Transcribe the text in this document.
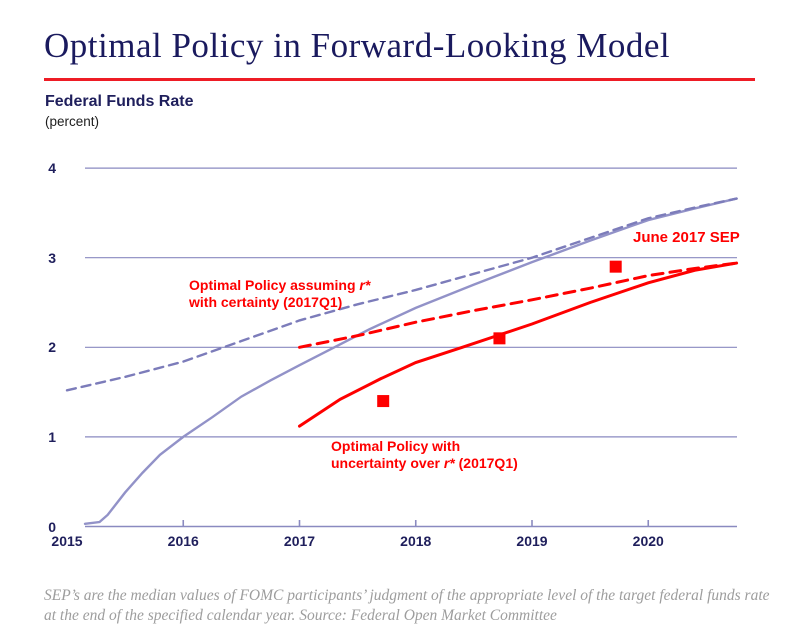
Optimal Policy in Forward-Looking Model
Federal Funds Rate
(percent)
0
1
2
3
4
2015	2016	2017	2018	2019	2020
June 2017 SEP
Optimal Policy assuming r*
with certainty (2017Q1)
Optimal Policy with
uncertainty over r* (2017Q1)
SEP’s are the median values of FOMC participants’ judgment of the appropriate level of the target federal funds rate
at the end of the specified calendar year. Source: Federal Open Market Committee
